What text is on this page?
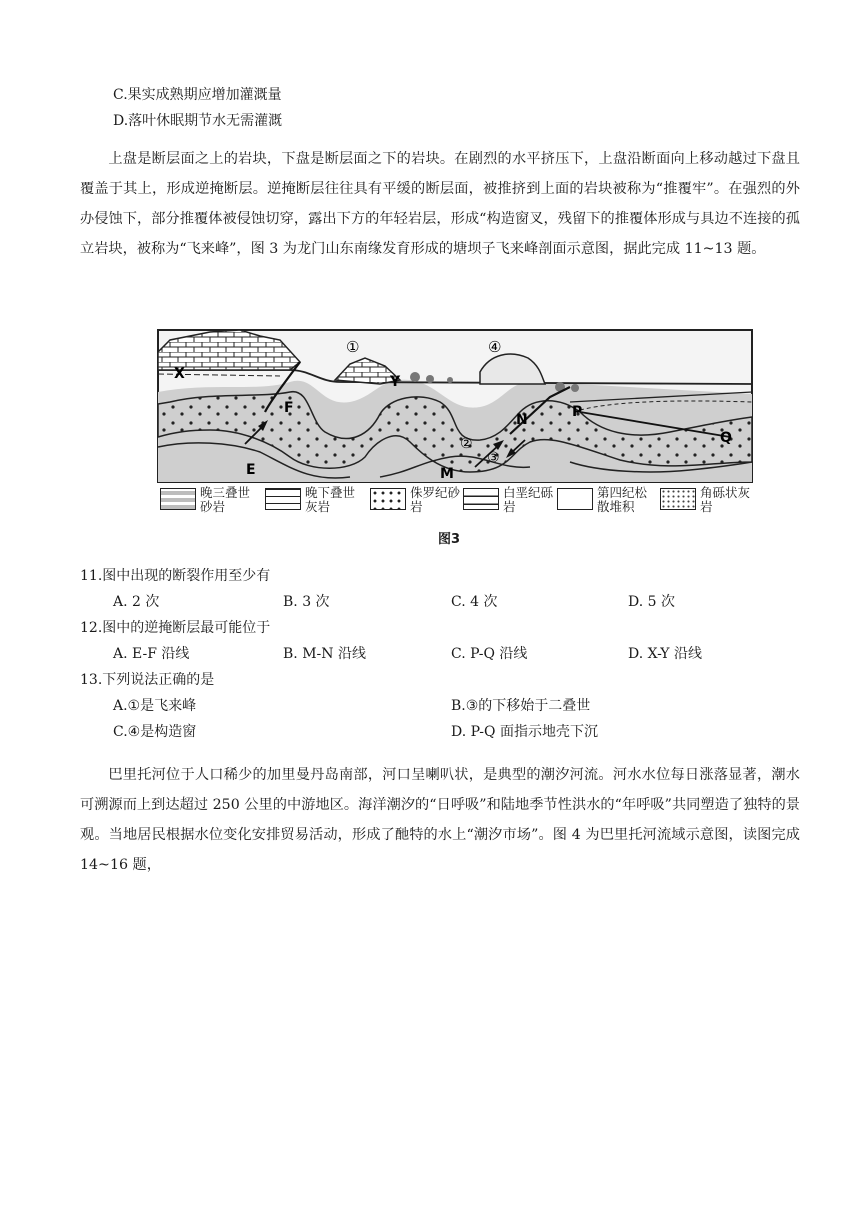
C.果实成熟期应增加灌溉量
D.落叶休眠期节水无需灌溉
上盘是断层面之上的岩块，下盘是断层面之下的岩块。在剧烈的水平挤压下，上盘沿断面向上移动越过下盘且覆盖于其上，形成逆掩断层。逆掩断层往往具有平缓的断层面，被推挤到上面的岩块被称为“推覆牢”。在强烈的外办侵蚀下，部分推覆体被侵蚀切穿，露出下方的年轻岩层，形成“构造窗叉，残留下的推覆体形成与具边不连接的孤立岩块，被称为“飞来峰”，图 3 为龙门山东南缘发育形成的塘坝子飞来峰剖面示意图，据此完成 11~13 题。
①	④
X	Y
F
E
N
M
P
Q
②
③
晚三叠世砂岩
晚下叠世灰岩
侏罗纪砂岩
白垩纪砾岩
第四纪松散堆积
角砾状灰岩
图3
11.图中出现的断裂作用至少有
A. 2 次	B. 3 次	C. 4 次	D. 5 次
12.图中的逆掩断层最可能位于
A. E-F 沿线	B. M-N 沿线	C. P-Q 沿线	D. X-Y 沿线
13.下列说法正确的是
A.①是飞来峰	B.③的下移始于二叠世
C.④是构造窗	D. P-Q 面指示地壳下沉
巴里托河位于人口稀少的加里曼丹岛南部，河口呈喇叭状，是典型的潮汐河流。河水水位每日涨落显著，潮水可溯源而上到达超过 250 公里的中游地区。海洋潮汐的“日呼吸”和陆地季节性洪水的“年呼吸”共同塑造了独特的景观。当地居民根据水位变化安排贸易活动，形成了酏特的水上“潮汐市场”。图 4 为巴里托河流域示意图，读图完成 14~16 题，
